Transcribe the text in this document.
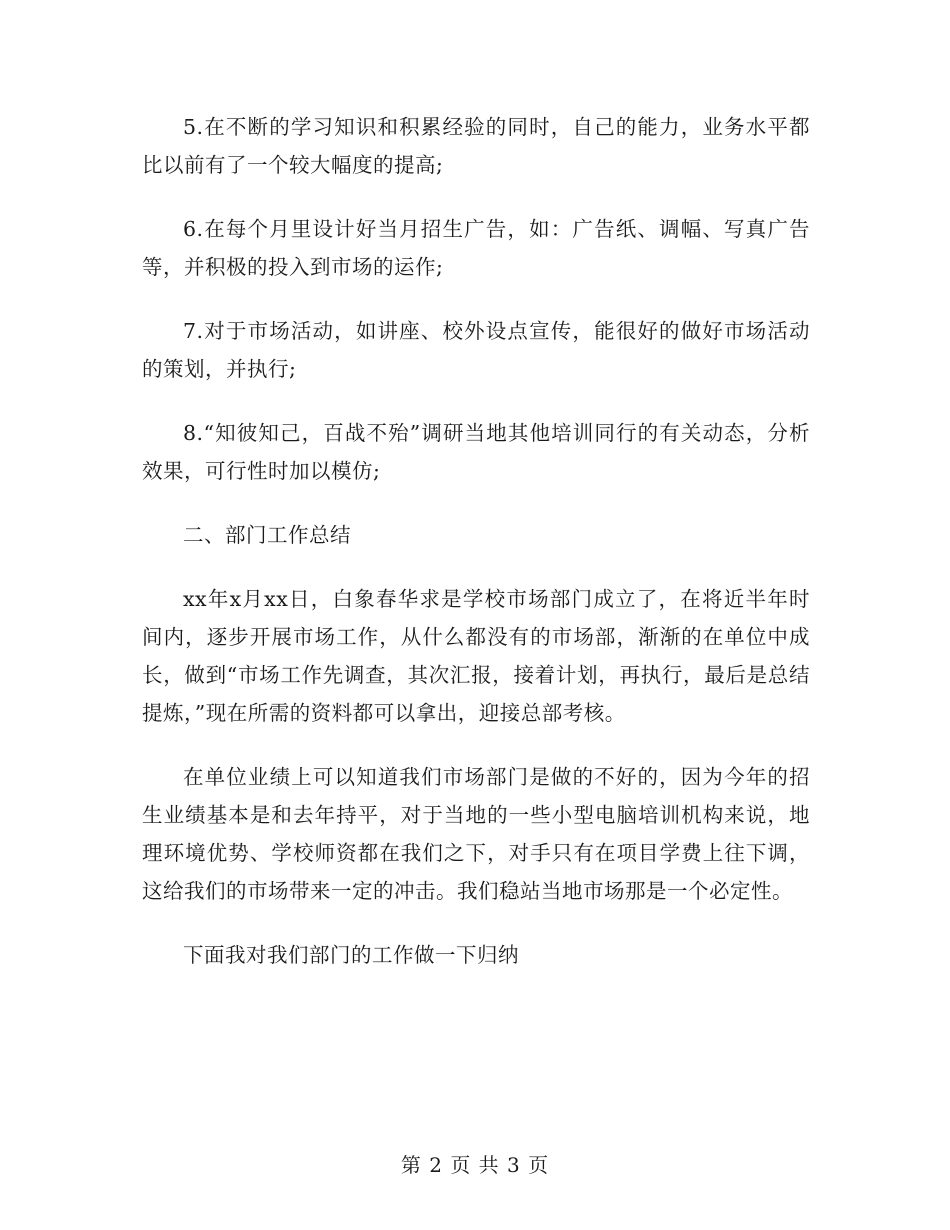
5.在不断的学习知识和积累经验的同时，自己的能力，业务水平都比以前有了一个较大幅度的提高;

6.在每个月里设计好当月招生广告，如：广告纸、调幅、写真广告等，并积极的投入到市场的运作;

7.对于市场活动，如讲座、校外设点宣传，能很好的做好市场活动的策划，并执行;

8.“知彼知己，百战不殆”调研当地其他培训同行的有关动态，分析效果，可行性时加以模仿;

二、部门工作总结

xx年x月xx日，白象春华求是学校市场部门成立了，在将近半年时间内，逐步开展市场工作，从什么都没有的市场部，渐渐的在单位中成长，做到“市场工作先调查，其次汇报，接着计划，再执行，最后是总结提炼，”现在所需的资料都可以拿出，迎接总部考核。

在单位业绩上可以知道我们市场部门是做的不好的，因为今年的招生业绩基本是和去年持平，对于当地的一些小型电脑培训机构来说，地理环境优势、学校师资都在我们之下，对手只有在项目学费上往下调，这给我们的市场带来一定的冲击。我们稳站当地市场那是一个必定性。

下面我对我们部门的工作做一下归纳

第 2 页 共 3 页
